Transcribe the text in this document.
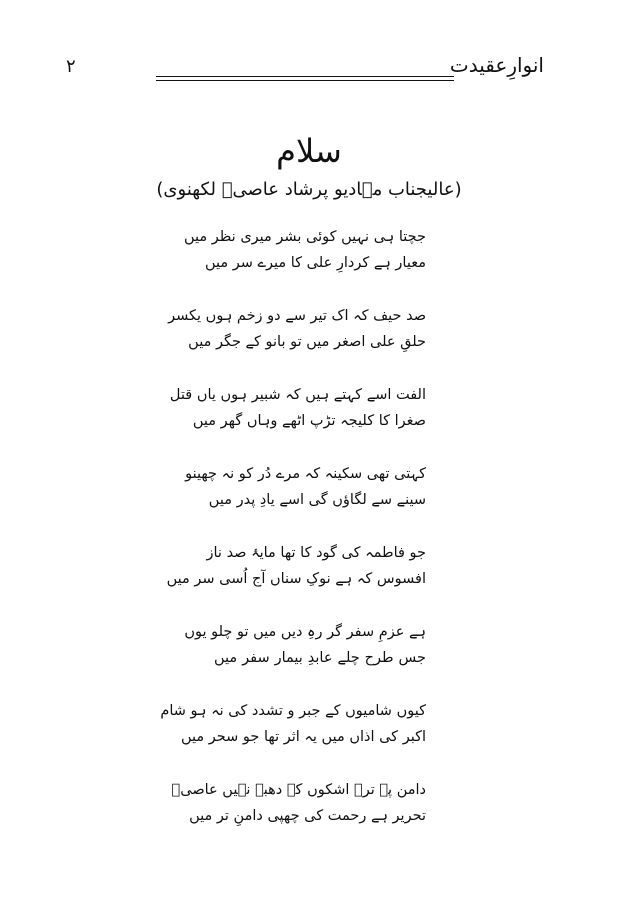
۲	انوارِعقیدت
سلام
(عالیجناب مہادیو پرشاد عاصیؔ لکھنوی)
جچتا ہی نہیں کوئی بشر میری نظر میں
معیار ہے کردارِ علی کا میرے سر میں
صد حیف کہ اک تیر سے دو زخم ہوں یکسر
حلقِ علی اصغر میں تو بانو کے جگر میں
الفت اسے کہتے ہیں کہ شبیر ہوں یاں قتل
صغرا کا کلیجہ تڑپ اٹھے وہاں گھر میں
کہتی تھی سکینہ کہ مرے دُر کو نہ چھینو
سینے سے لگاؤں گی اسے یادِ پدر میں
جو فاطمہ کی گود کا تھا مایۂ صد ناز
افسوس کہ ہے نوکِ سناں آج اُسی سر میں
ہے عزمِ سفر گر رہِ دیں میں تو چلو یوں
جس طرح چلے عابدِ بیمار سفر میں
کیوں شامیوں کے جبر و تشدد کی نہ ہو شام
اکبر کی اذاں میں یہ اثر تھا جو سحر میں
دامن پہ ترے اشکوں کے دھبے نہیں عاصیؔ
تحریر ہے رحمت کی چھپی دامنِ تر میں
